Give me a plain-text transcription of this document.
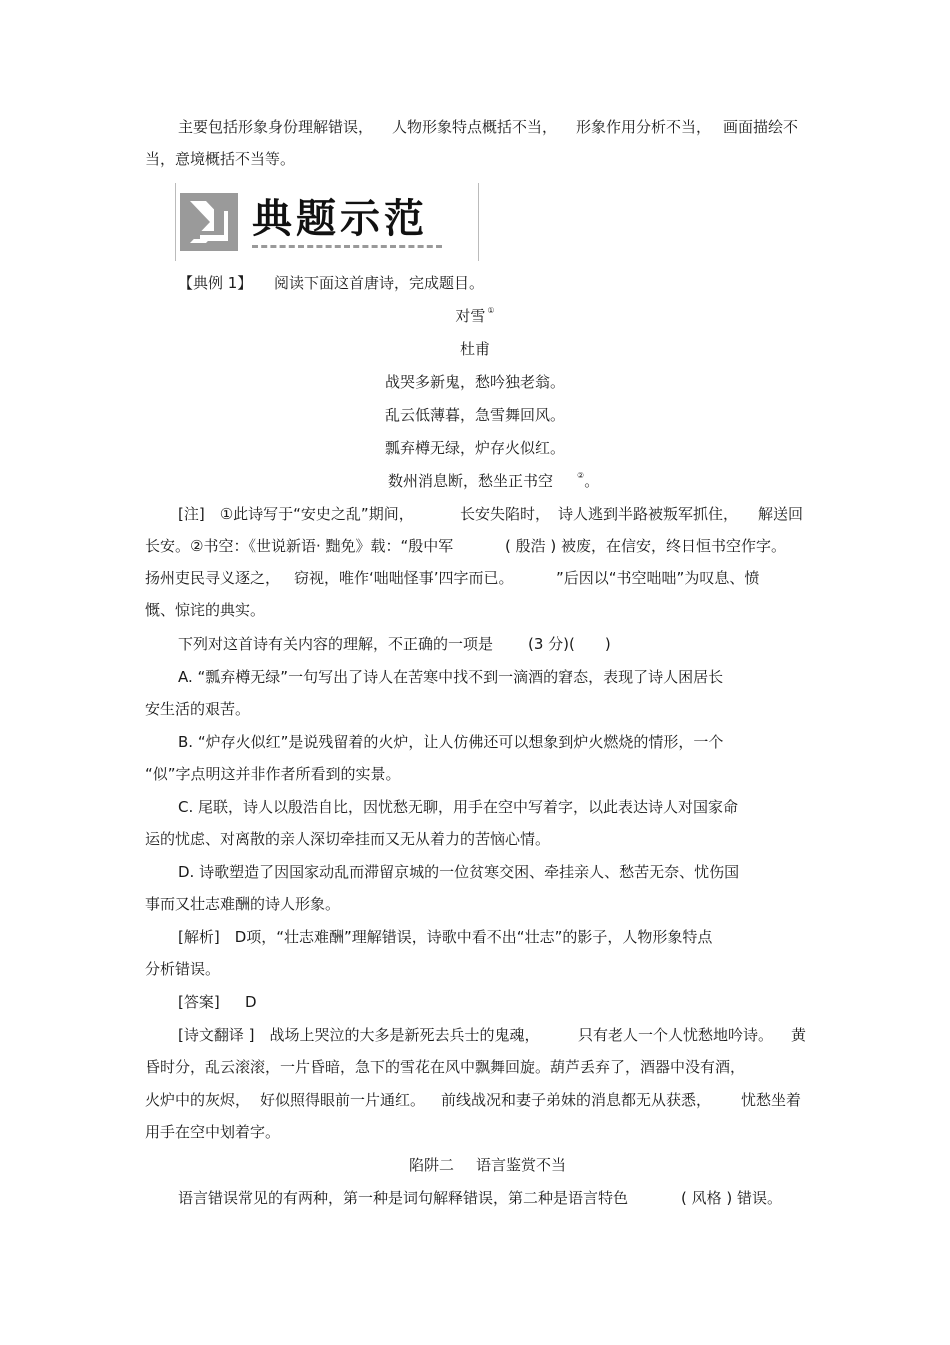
主要包括形象身份理解错误， 人物形象特点概括不当， 形象作用分析不当， 画面描绘不
当，意境概括不当等。
典题示范
【典例 1】 阅读下面这首唐诗，完成题目。
对雪 ①
杜甫
战哭多新鬼，愁吟独老翁。
乱云低薄暮，急雪舞回风。
瓢弃樽无绿，炉存火似红。
数州消息断，愁坐正书空	②。
[注]　①此诗写于“安史之乱”期间，	长安失陷时， 诗人逃到半路被叛军抓住， 解送回
长安。②书空：《世说新语· 黜免》载：“殷中军	( 殷浩 ) 被废，在信安，终日恒书空作字。
扬州吏民寻义逐之， 窃视，唯作‘咄咄怪事’四字而已。	”后因以“书空咄咄”为叹息、愤
慨、惊诧的典实。
下列对这首诗有关内容的理解，不正确的一项是 (3 分)(　　)
A. “瓢弃樽无绿”一句写出了诗人在苦寒中找不到一滴酒的窘态，表现了诗人困居长
安生活的艰苦。
B. “炉存火似红”是说残留着的火炉，让人仿佛还可以想象到炉火燃烧的情形，一个
“似”字点明这并非作者所看到的实景。
C. 尾联，诗人以殷浩自比，因忧愁无聊，用手在空中写着字，以此表达诗人对国家命
运的忧虑、对离散的亲人深切牵挂而又无从着力的苦恼心情。
D. 诗歌塑造了因国家动乱而滞留京城的一位贫寒交困、牵挂亲人、愁苦无奈、忧伤国
事而又壮志难酬的诗人形象。
[解析]　D项，“壮志难酬”理解错误，诗歌中看不出“壮志”的影子，人物形象特点
分析错误。
[答案] D
[诗文翻译 ]　战场上哭泣的大多是新死去兵士的鬼魂，	只有老人一个人忧愁地吟诗。 黄
昏时分，乱云滚滚，一片昏暗，急下的雪花在风中飘舞回旋。葫芦丢弃了，酒器中没有酒，
火炉中的灰烬， 好似照得眼前一片通红。 前线战况和妻子弟妹的消息都无从获悉， 忧愁坐着
用手在空中划着字。
陷阱二 语言鉴赏不当
语言错误常见的有两种，第一种是词句解释错误，第二种是语言特色	( 风格 ) 错误。
